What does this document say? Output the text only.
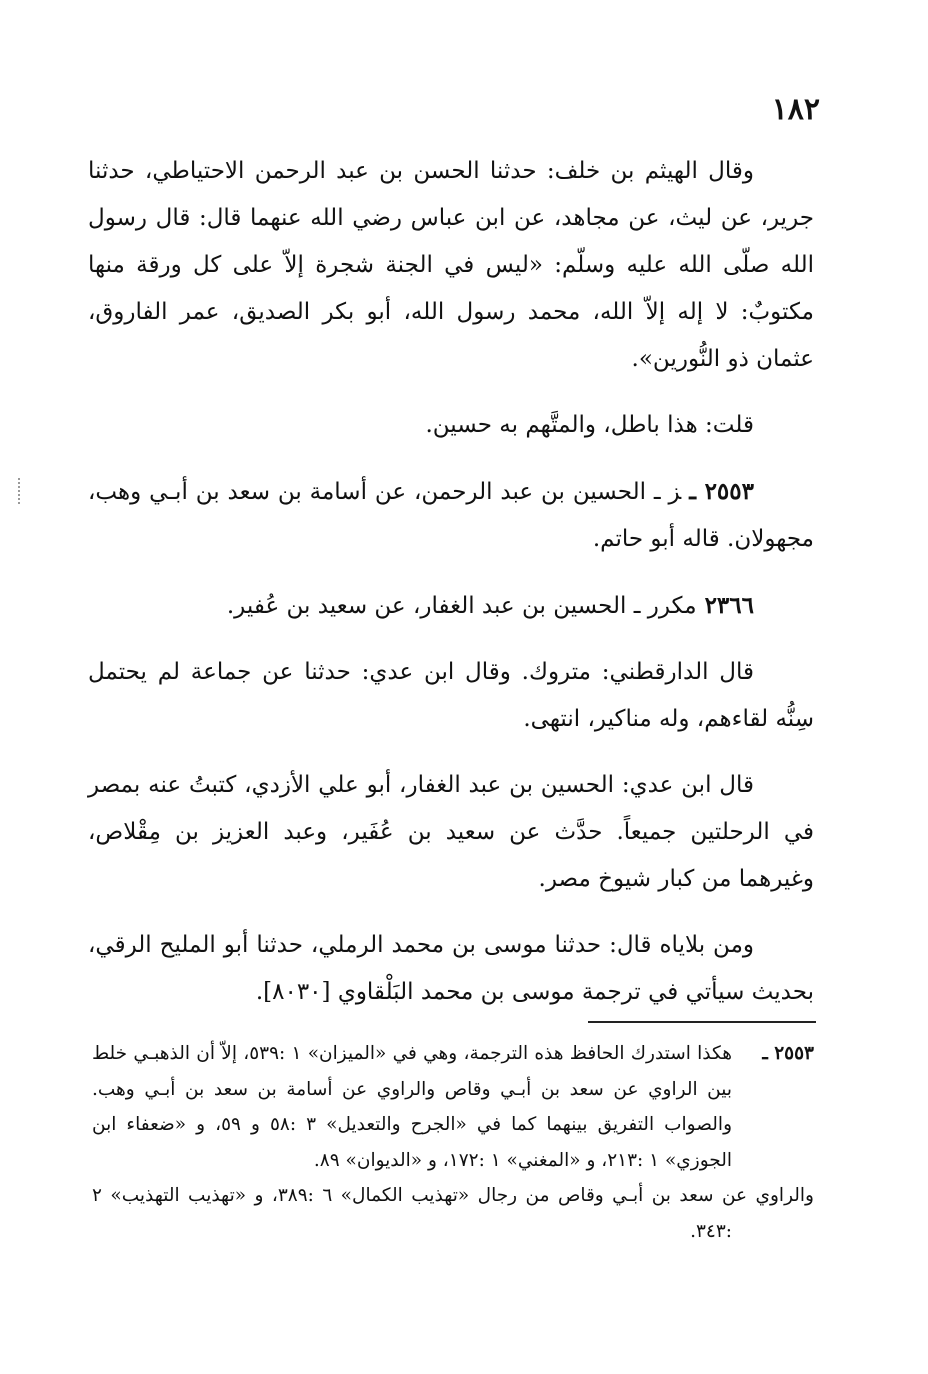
١٨٢

وقال الهيثم بن خلف: حدثنا الحسن بن عبد الرحمن الاحتياطي، حدثنا جرير، عن ليث، عن مجاهد، عن ابن عباس رضي الله عنهما قال: قال رسول الله صلّى الله عليه وسلّم: «ليس في الجنة شجرة إلاّ على كل ورقة منها مكتوبٌ: لا إله إلاّ الله، محمد رسول الله، أبو بكر الصديق، عمر الفاروق، عثمان ذو النُّورين».

قلت: هذا باطل، والمتَّهم به حسين.

٢٥٥٣ ـز ـ الحسين بن عبد الرحمن، عن أسامة بن سعد بن أبـي وهب، مجهولان. قاله أبو حاتم.

٢٣٦٦مكرر ـ الحسين بن عبد الغفار، عن سعيد بن عُفير.

قال الدارقطني: متروك. وقال ابن عدي: حدثنا عن جماعة لم يحتمل سِنُّه لقاءهم، وله مناكير، انتهى.

قال ابن عدي: الحسين بن عبد الغفار، أبو علي الأزدي، كتبتُ عنه بمصر في الرحلتين جميعاً. حدَّث عن سعيد بن عُفَير، وعبد العزيز بن مِقْلاص، وغيرهما من كبار شيوخ مصر.

ومن بلاياه قال: حدثنا موسى بن محمد الرملي، حدثنا أبو المليح الرقي، بحديث سيأتي في ترجمة موسى بن محمد البَلْقاوي [٨٠٣٠].

٢٥٥٣ ـهكذا استدرك الحافظ هذه الترجمة، وهي في «الميزان» ١ :٥٣٩، إلاّ أن الذهبـي خلط بين الراوي عن سعد بن أبـي وقاص والراوي عن أسامة بن سعد بن أبـي وهب. والصواب التفريق بينهما كما في «الجرح والتعديل» ٣ :٥٨ و ٥٩، و «ضعفاء ابن الجوزي» ١ :٢١٣، و «المغني» ١ :١٧٢، و «الديوان» ٨٩.

والراوي عن سعد بن أبـي وقاص من رجال «تهذيب الكمال» ٦ :٣٨٩، و «تهذيب التهذيب» ٢ :٣٤٣.
